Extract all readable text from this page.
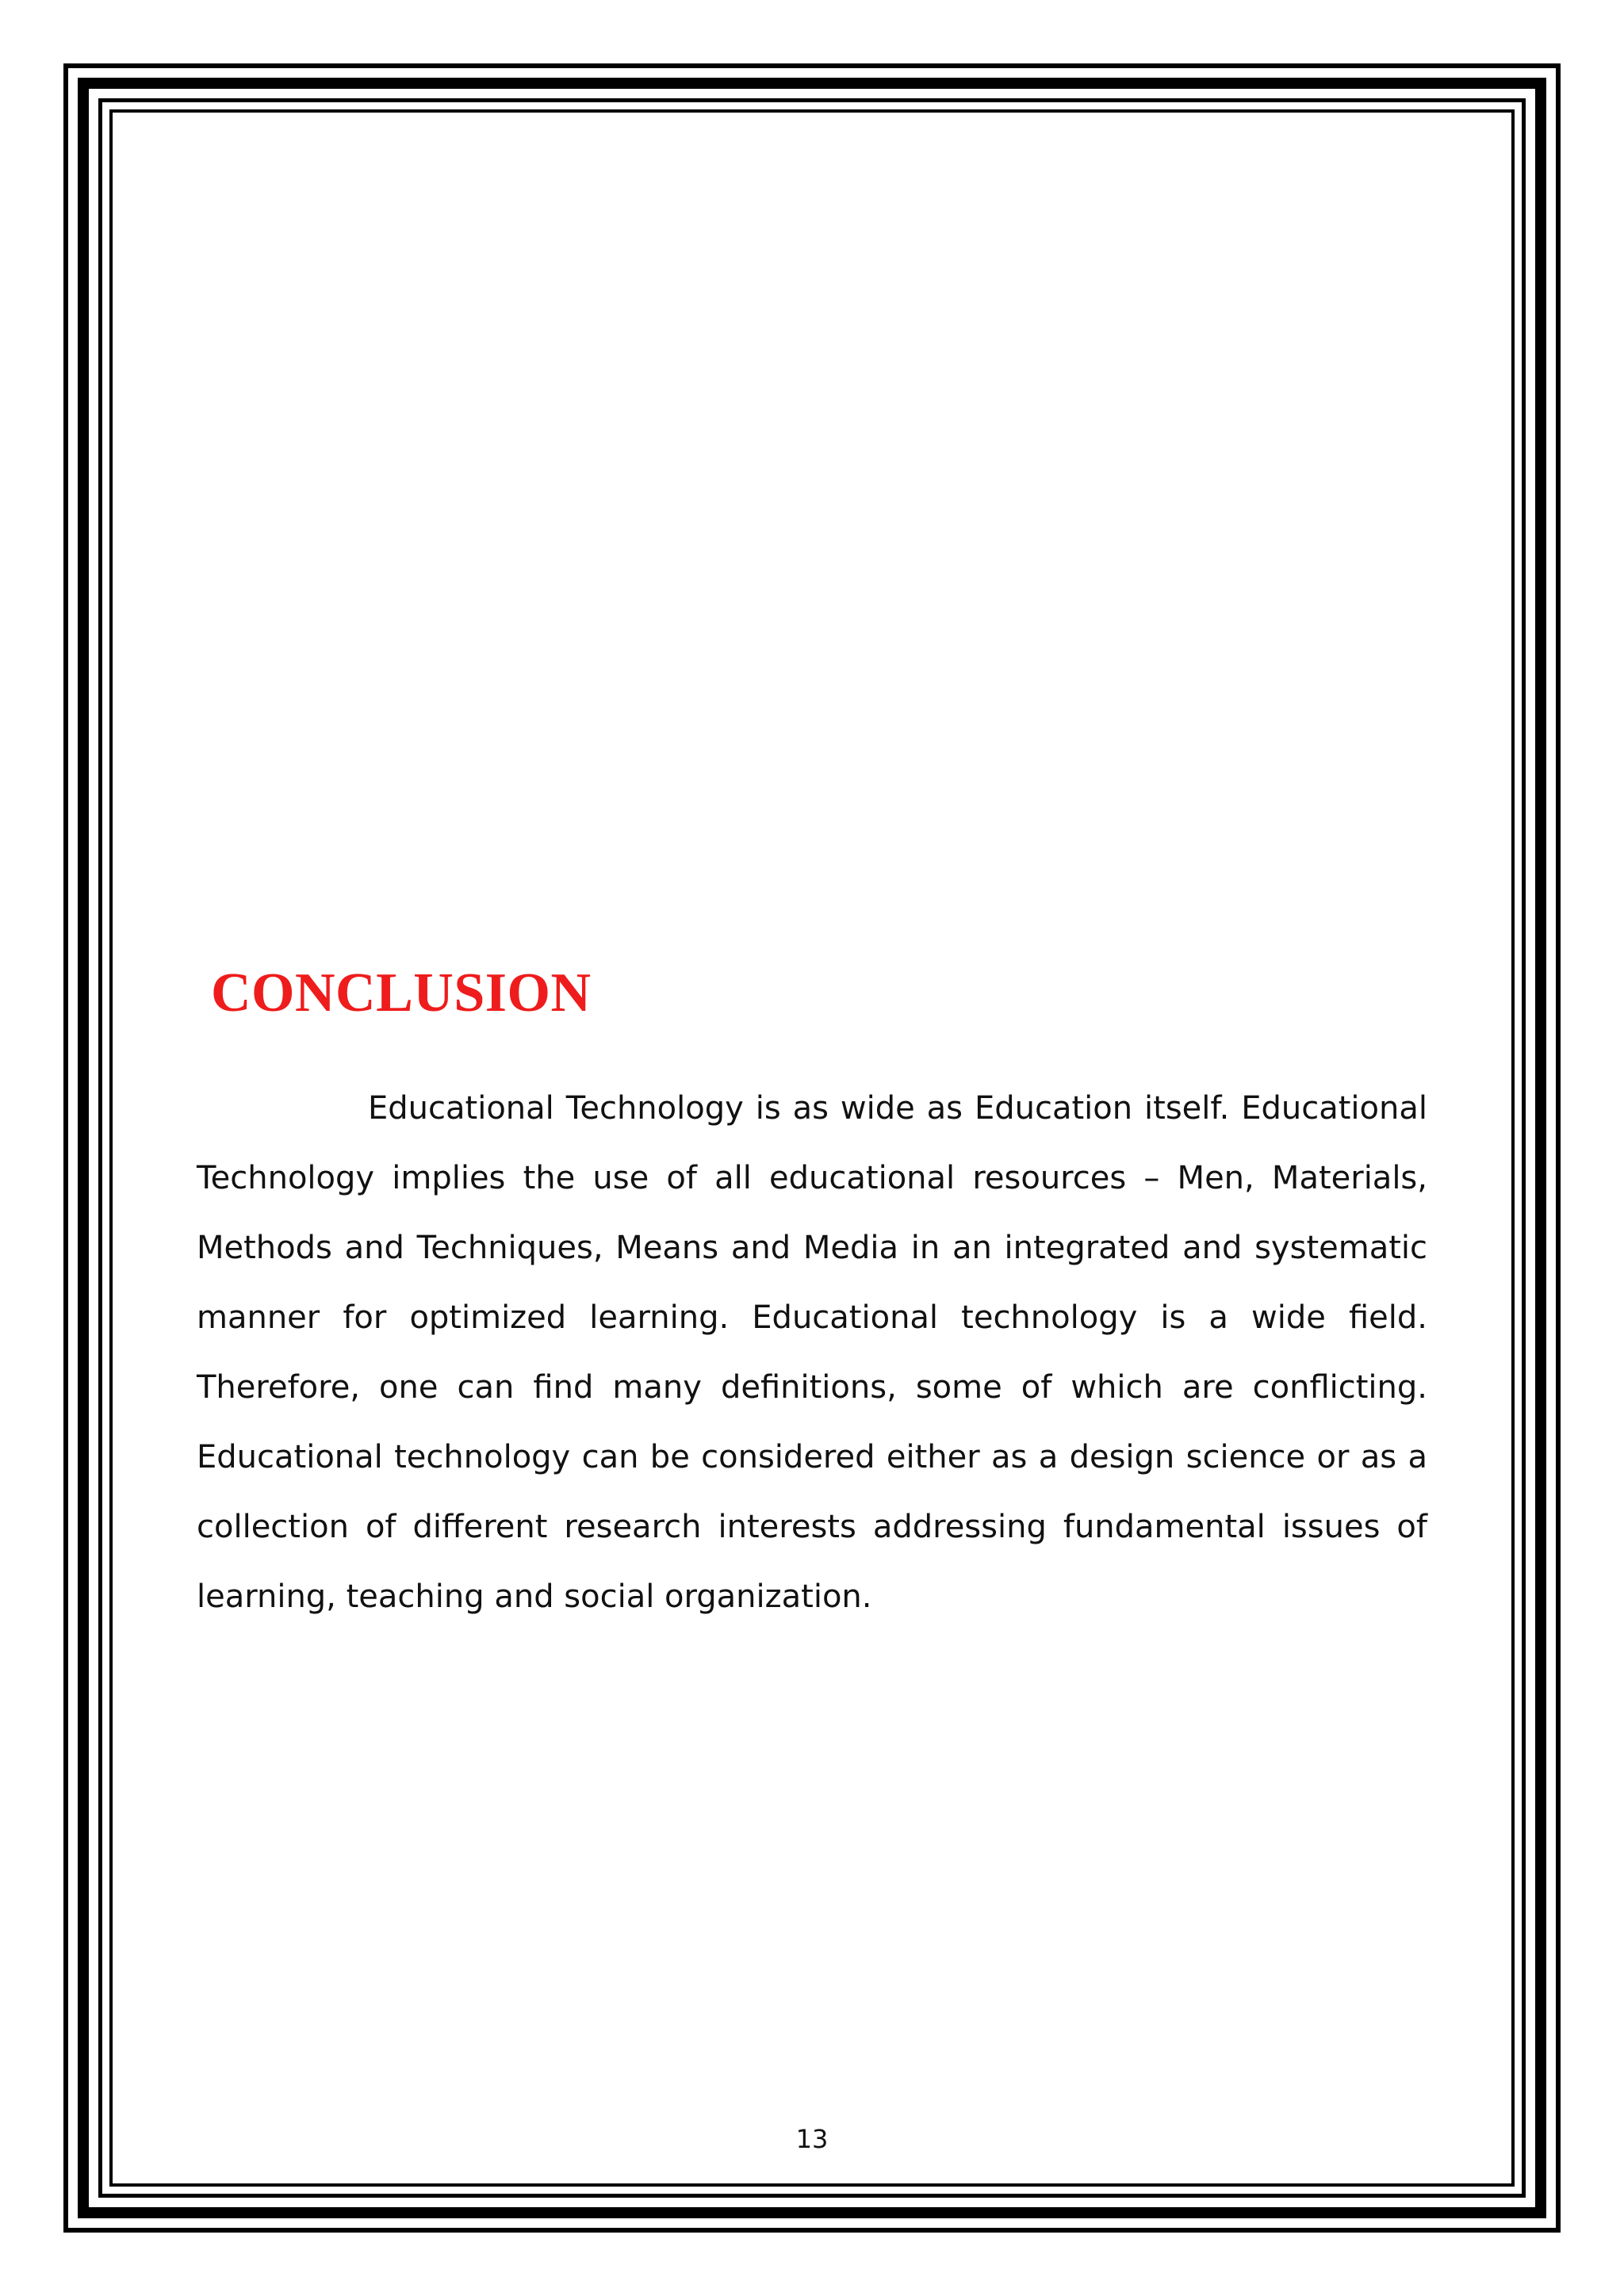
CONCLUSION

Educational Technology is as wide as Education itself. Educational Technology implies the use of all educational resources – Men, Materials, Methods and Techniques, Means and Media in an integrated and systematic manner for optimized learning. Educational technology is a wide field. Therefore, one can find many definitions, some of which are conflicting. Educational technology can be considered either as a design science or as a collection of different research interests addressing fundamental issues of learning, teaching and social organization.

13
